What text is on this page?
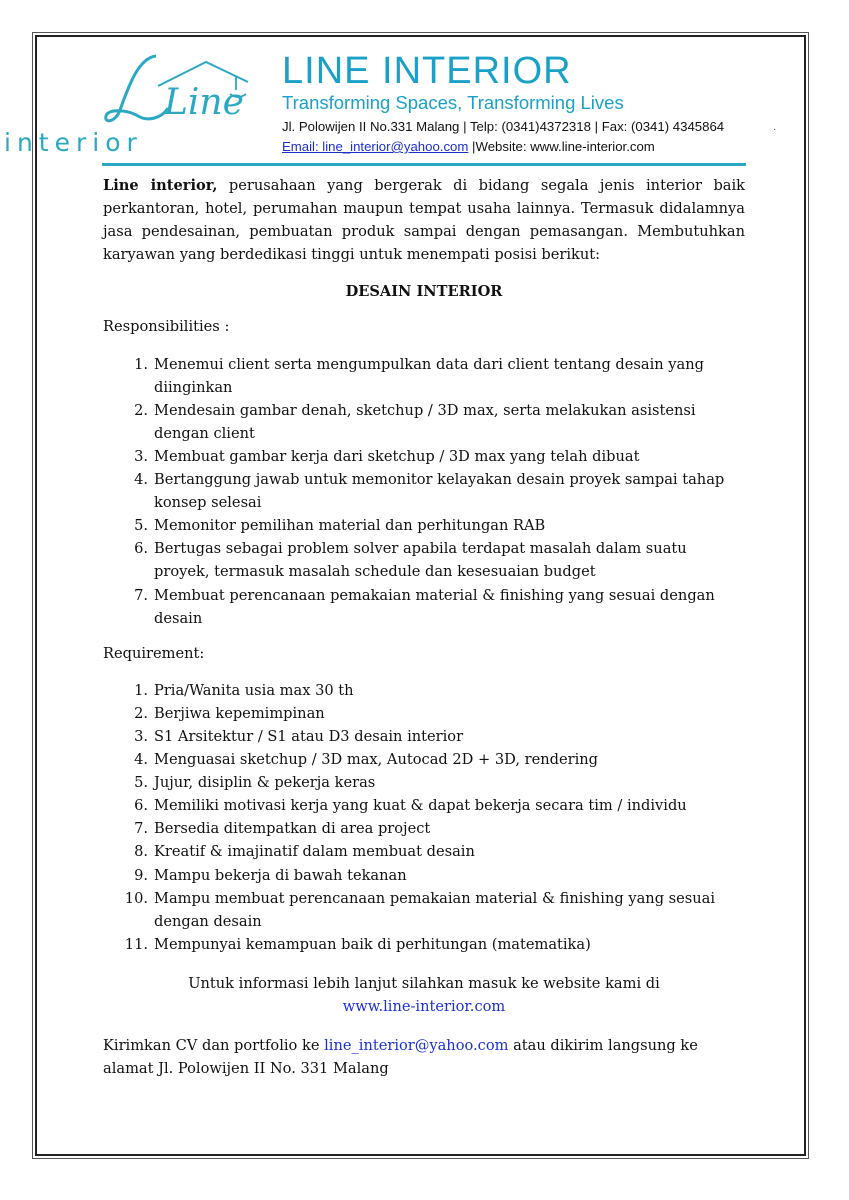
Line
interior
LINE INTERIOR
Transforming Spaces, Transforming Lives
Jl. Polowijen II No.331 Malang | Telp: (0341)4372318 | Fax: (0341) 4345864
Email: line_interior@yahoo.com |Website: www.line-interior.com
·

Line interior, perusahaan yang bergerak di bidang segala jenis interior baik perkantoran, hotel, perumahan maupun tempat usaha lainnya. Termasuk didalamnya jasa pendesainan, pembuatan produk sampai dengan pemasangan. Membutuhkan karyawan yang berdedikasi tinggi untuk menempati posisi berikut:

DESAIN INTERIOR

Responsibilities :

1. Menemui client serta mengumpulkan data dari client tentang desain yang diinginkan
2. Mendesain gambar denah, sketchup / 3D max, serta melakukan asistensi dengan client
3. Membuat gambar kerja dari sketchup / 3D max yang telah dibuat
4. Bertanggung jawab untuk memonitor kelayakan desain proyek sampai tahap konsep selesai
5. Memonitor pemilihan material dan perhitungan RAB
6. Bertugas sebagai problem solver apabila terdapat masalah dalam suatu proyek, termasuk masalah schedule dan kesesuaian budget
7. Membuat perencanaan pemakaian material & finishing yang sesuai dengan desain

Requirement:

1. Pria/Wanita usia max 30 th
2. Berjiwa kepemimpinan
3. S1 Arsitektur / S1 atau D3 desain interior
4. Menguasai sketchup / 3D max, Autocad 2D + 3D, rendering
5. Jujur, disiplin & pekerja keras
6. Memiliki motivasi kerja yang kuat & dapat bekerja secara tim / individu
7. Bersedia ditempatkan di area project
8. Kreatif & imajinatif dalam membuat desain
9. Mampu bekerja di bawah tekanan
10. Mampu membuat perencanaan pemakaian material & finishing yang sesuai dengan desain
11. Mempunyai kemampuan baik di perhitungan (matematika)
Untuk informasi lebih lanjut silahkan masuk ke website kami di
www.line-interior.com
Kirimkan CV dan portfolio ke line_interior@yahoo.com atau dikirim langsung ke alamat Jl. Polowijen II No. 331 Malang
